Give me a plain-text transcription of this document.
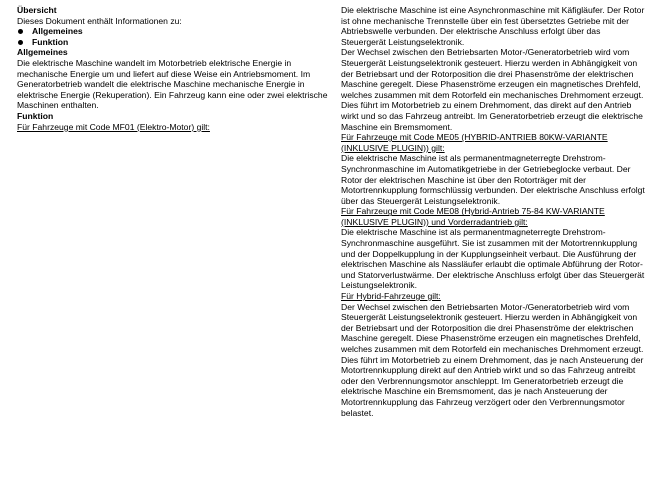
Übersicht

Dieses Dokument enthält Informationen zu:

Allgemeines
Funktion

Allgemeines

Die elektrische Maschine wandelt im Motorbetrieb elektrische Energie in mechanische Energie um und liefert auf diese Weise ein Antriebsmoment. Im Generatorbetrieb wandelt die elektrische Maschine mechanische Energie in elektrische Energie (Rekuperation). Ein Fahrzeug kann eine oder zwei elektrische Maschinen enthalten.

Funktion

Für Fahrzeuge mit Code MF01 (Elektro-Motor) gilt:

Die elektrische Maschine ist eine Asynchronmaschine mit Käfigläufer. Der Rotor ist ohne mechanische Trennstelle über ein fest übersetztes Getriebe mit der Abtriebswelle verbunden. Der elektrische Anschluss erfolgt über das Steuergerät Leistungselektronik.

Der Wechsel zwischen den Betriebsarten Motor-/Generatorbetrieb wird vom Steuergerät Leistungselektronik gesteuert. Hierzu werden in Abhängigkeit von der Betriebsart und der Rotorposition die drei Phasenströme der elektrischen Maschine geregelt. Diese Phasenströme erzeugen ein magnetisches Drehfeld, welches zusammen mit dem Rotorfeld ein mechanisches Drehmoment erzeugt. Dies führt im Motorbetrieb zu einem Drehmoment, das direkt auf den Antrieb wirkt und so das Fahrzeug antreibt. Im Generatorbetrieb erzeugt die elektrische Maschine ein Bremsmoment.

Für Fahrzeuge mit Code ME05 (HYBRID-ANTRIEB 80KW-VARIANTE (INKLUSIVE PLUGIN)) gilt:

Die elektrische Maschine ist als permanentmagneterregte Drehstrom-Synchronmaschine im Automatikgetriebe in der Getriebeglocke verbaut. Der Rotor der elektrischen Maschine ist über den Rotorträger mit der Motortrennkupplung formschlüssig verbunden. Der elektrische Anschluss erfolgt über das Steuergerät Leistungselektronik.

Für Fahrzeuge mit Code ME08 (Hybrid-Antrieb 75-84 KW-VARIANTE (INKLUSIVE PLUGIN)) und Vorderradantrieb gilt:

Die elektrische Maschine ist als permanentmagneterregte Drehstrom-Synchronmaschine ausgeführt. Sie ist zusammen mit der Motortrennkupplung und der Doppelkupplung in der Kupplungseinheit verbaut. Die Ausführung der elektrischen Maschine als Nassläufer erlaubt die optimale Abführung der Rotor- und Statorverlustwärme. Der elektrische Anschluss erfolgt über das Steuergerät Leistungselektronik.

Für Hybrid-Fahrzeuge gilt:

Der Wechsel zwischen den Betriebsarten Motor-/Generatorbetrieb wird vom Steuergerät Leistungselektronik gesteuert. Hierzu werden in Abhängigkeit von der Betriebsart und der Rotorposition die drei Phasenströme der elektrischen Maschine geregelt. Diese Phasenströme erzeugen ein magnetisches Drehfeld, welches zusammen mit dem Rotorfeld ein mechanisches Drehmoment erzeugt. Dies führt im Motorbetrieb zu einem Drehmoment, das je nach Ansteuerung der Motortrennkupplung direkt auf den Antrieb wirkt und so das Fahrzeug antreibt oder den Verbrennungsmotor anschleppt. Im Generatorbetrieb erzeugt die elektrische Maschine ein Bremsmoment, das je nach Ansteuerung der Motortrennkupplung das Fahrzeug verzögert oder den Verbrennungsmotor belastet.
